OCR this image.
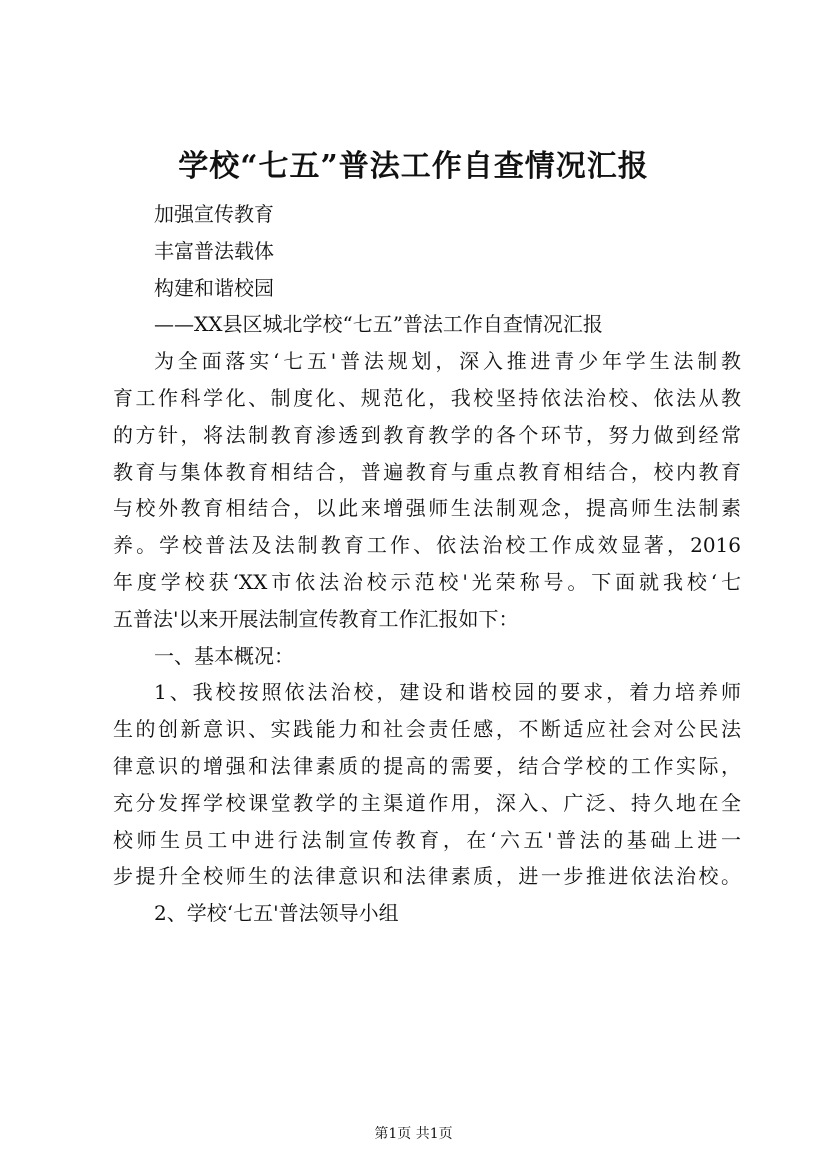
学校“七五”普法工作自查情况汇报
加强宣传教育
丰富普法载体
构建和谐校园
——XX县区城北学校“七五”普法工作自查情况汇报
为全面落实‘七五'普法规划，深入推进青少年学生法制教
育工作科学化、制度化、规范化，我校坚持依法治校、依法从教
的方针，将法制教育渗透到教育教学的各个环节，努力做到经常
教育与集体教育相结合，普遍教育与重点教育相结合，校内教育
与校外教育相结合，以此来增强师生法制观念，提高师生法制素
养。学校普法及法制教育工作、依法治校工作成效显著，2016
年度学校获‘XX市依法治校示范校'光荣称号。下面就我校‘七
五普法'以来开展法制宣传教育工作汇报如下：
一、基本概况：
1、我校按照依法治校，建设和谐校园的要求，着力培养师
生的创新意识、实践能力和社会责任感，不断适应社会对公民法
律意识的增强和法律素质的提高的需要，结合学校的工作实际，
充分发挥学校课堂教学的主渠道作用，深入、广泛、持久地在全
校师生员工中进行法制宣传教育，在‘六五'普法的基础上进一
步提升全校师生的法律意识和法律素质，进一步推进依法治校。
2、学校‘七五'普法领导小组
第1页 共1页
